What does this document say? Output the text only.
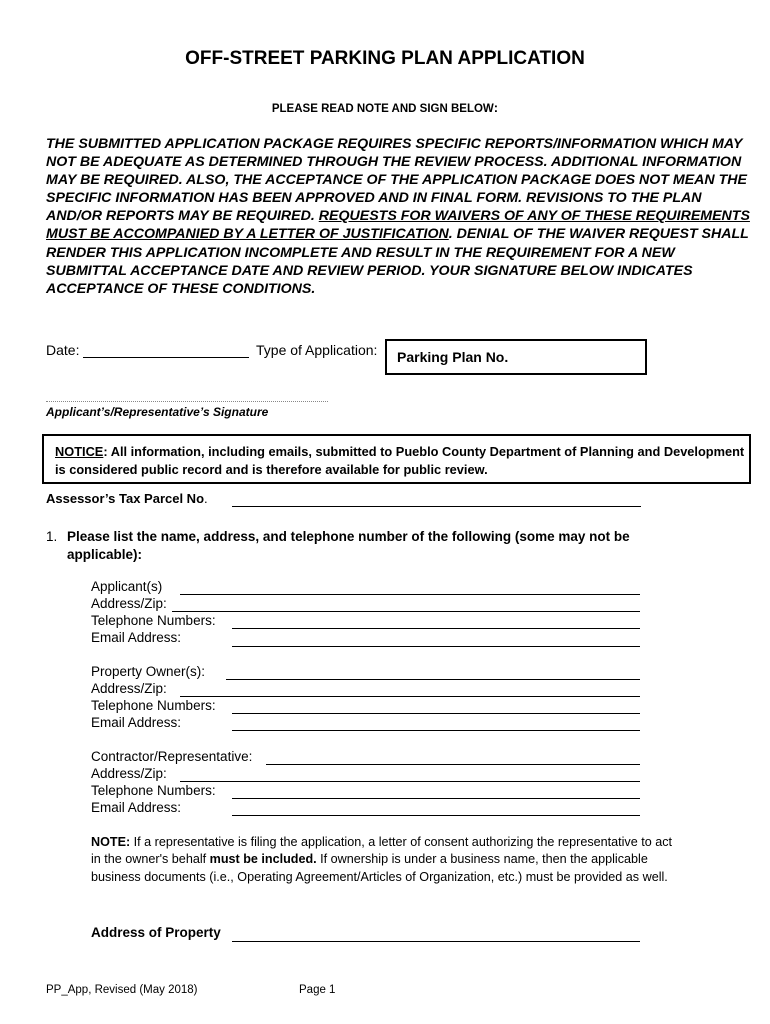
OFF-STREET PARKING PLAN APPLICATION
PLEASE READ NOTE AND SIGN BELOW:
THE SUBMITTED APPLICATION PACKAGE REQUIRES SPECIFIC REPORTS/INFORMATION WHICH MAY NOT BE ADEQUATE AS DETERMINED THROUGH THE REVIEW PROCESS. ADDITIONAL INFORMATION MAY BE REQUIRED. ALSO, THE ACCEPTANCE OF THE APPLICATION PACKAGE DOES NOT MEAN THE SPECIFIC INFORMATION HAS BEEN APPROVED AND IN FINAL FORM. REVISIONS TO THE PLAN AND/OR REPORTS MAY BE REQUIRED. REQUESTS FOR WAIVERS OF ANY OF THESE REQUIREMENTS MUST BE ACCOMPANIED BY A LETTER OF JUSTIFICATION. DENIAL OF THE WAIVER REQUEST SHALL RENDER THIS APPLICATION INCOMPLETE AND RESULT IN THE REQUIREMENT FOR A NEW SUBMITTAL ACCEPTANCE DATE AND REVIEW PERIOD. YOUR SIGNATURE BELOW INDICATES ACCEPTANCE OF THESE CONDITIONS.
Date:	Type of Application: Parking Plan No.
Applicant’s/Representative’s Signature
NOTICE: All information, including emails, submitted to Pueblo County Department of Planning and Development is considered public record and is therefore available for public review.
Assessor’s Tax Parcel No.
1. Please list the name, address, and telephone number of the following (some may not be applicable):
Applicant(s)
Address/Zip:
Telephone Numbers:
Email Address:
Property Owner(s):
Address/Zip:
Telephone Numbers:
Email Address:
Contractor/Representative:
Address/Zip:
Telephone Numbers:
Email Address:
NOTE: If a representative is filing the application, a letter of consent authorizing the representative to act in the owner's behalf must be included. If ownership is under a business name, then the applicable business documents (i.e., Operating Agreement/Articles of Organization, etc.) must be provided as well.
Address of Property
PP_App, Revised (May 2018)	Page 1
